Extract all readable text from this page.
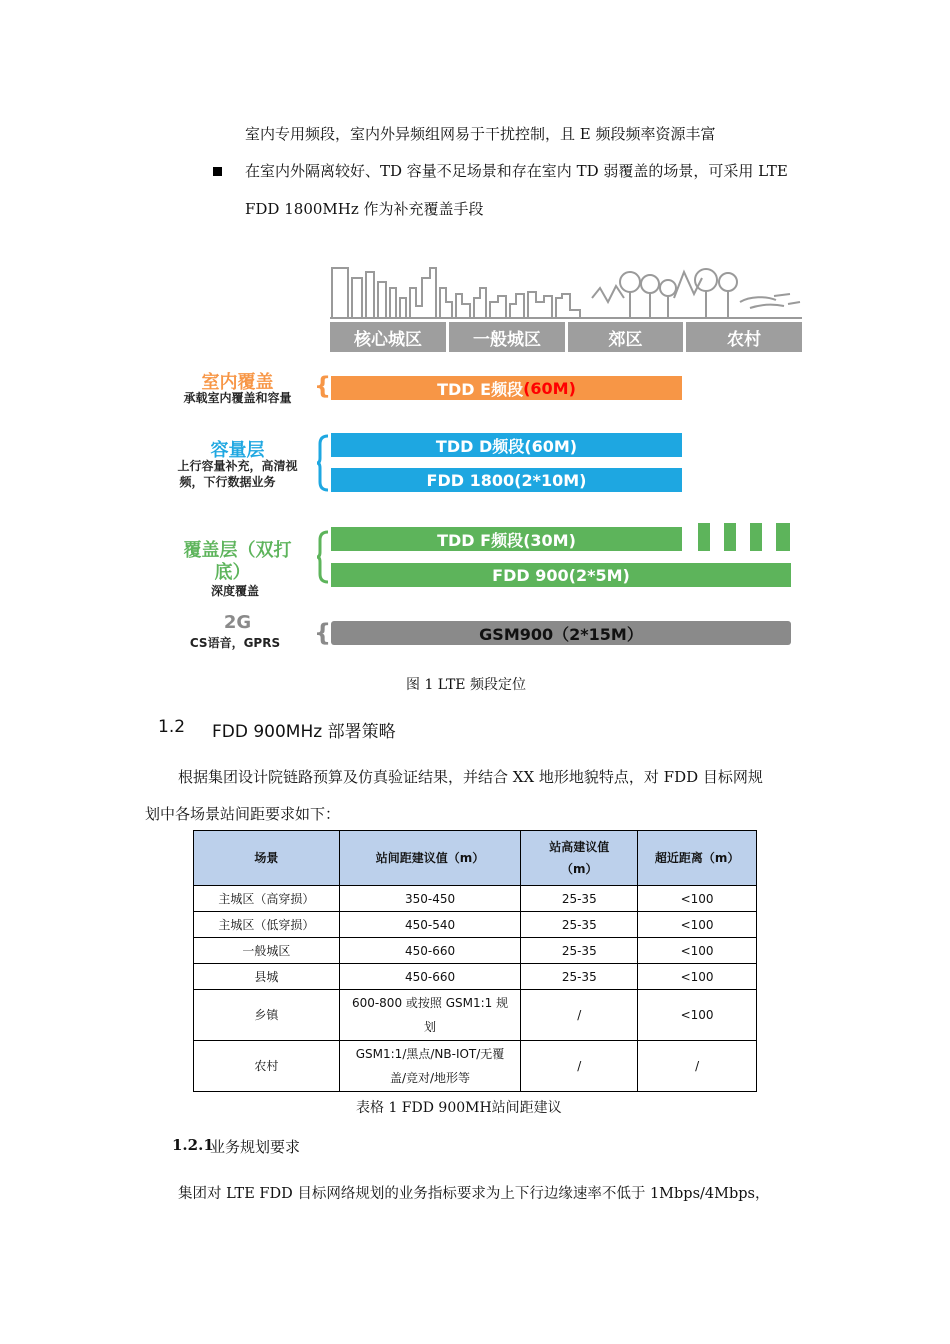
室内专用频段，室内外异频组网易于干扰控制，且 E 频段频率资源丰富
在室内外隔离较好、TD 容量不足场景和存在室内 TD 弱覆盖的场景，可采用 LTE
FDD 1800MHz 作为补充覆盖手段
核心城区	一般城区	郊区	农村
室内覆盖
承载室内覆盖和容量 {	TDD E频段 (60M)
容量层
上行容量补充，高清视
频，下行数据业务
TDD D频段(60M)
FDD 1800(2*10M)
覆盖层（双打
底）
深度覆盖
TDD F频段(30M)
FDD 900(2*5M)
2G
CS语音，GPRS	{	GSM900（2*15M）
图 1 LTE 频段定位
1.2 FDD 900MHz 部署策略
根据集团设计院链路预算及仿真验证结果，并结合 XX 地形地貌特点，对 FDD 目标网规
划中各场景站间距要求如下：
场景	站间距建议值（m）	站高建议值
（m）	超近距离（m）
主城区（高穿损）	350-450	25-35	<100
主城区（低穿损）	450-540	25-35	<100
一般城区	450-660	25-35	<100
县城	450-660	25-35	<100
乡镇	600-800 或按照 GSM1:1 规
划	/	<100
农村	GSM1:1/黑点/NB-IOT/无覆
盖/竞对/地形等	/	/
表格 1 FDD 900MH站间距建议
1.2.1
业务规划要求
集团对 LTE FDD 目标网络规划的业务指标要求为上下行边缘速率不低于 1Mbps/4Mbps，
